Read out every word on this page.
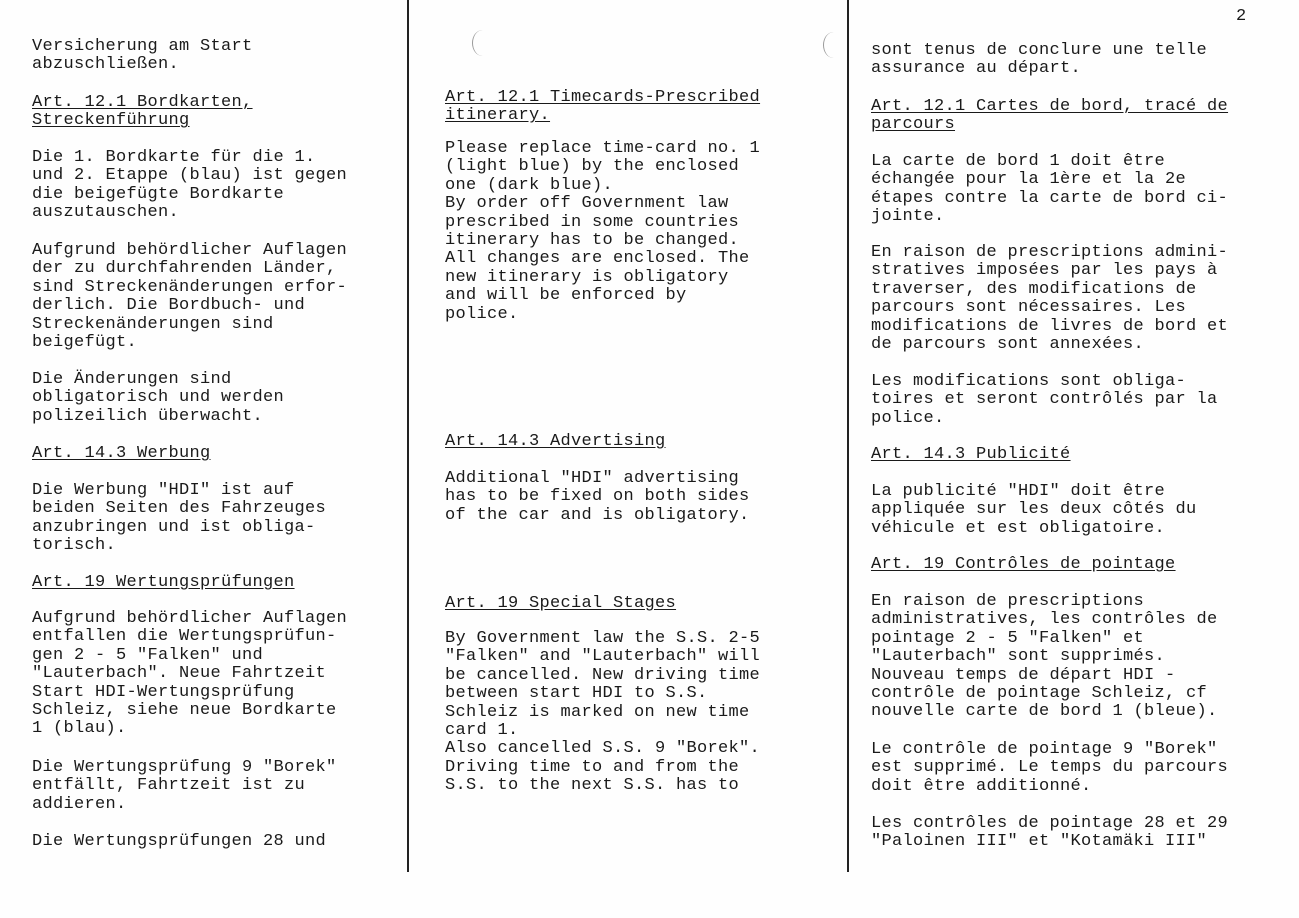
2
Versicherung am Start
abzuschließen.
Art. 12.1 Bordkarten,
Streckenführung
Die 1. Bordkarte für die 1.
und 2. Etappe (blau) ist gegen
die beigefügte Bordkarte
auszutauschen.
Aufgrund behördlicher Auflagen
der zu durchfahrenden Länder,
sind Streckenänderungen erfor-
derlich. Die Bordbuch- und
Streckenänderungen sind
beigefügt.
Die Änderungen sind
obligatorisch und werden
polizeilich überwacht.
Art. 14.3 Werbung
Die Werbung "HDI" ist auf
beiden Seiten des Fahrzeuges
anzubringen und ist obliga-
torisch.
Art. 19 Wertungsprüfungen
Aufgrund behördlicher Auflagen
entfallen die Wertungsprüfun-
gen 2 - 5 "Falken" und
"Lauterbach". Neue Fahrtzeit
Start HDI-Wertungsprüfung
Schleiz, siehe neue Bordkarte
1 (blau).
Die Wertungsprüfung 9 "Borek"
entfällt, Fahrtzeit ist zu
addieren.
Die Wertungsprüfungen 28 und
Art. 12.1 Timecards-Prescribed
itinerary.
Please replace time-card no. 1
(light blue) by the enclosed
one (dark blue).
By order off Government law
prescribed in some countries
itinerary has to be changed.
All changes are enclosed. The
new itinerary is obligatory
and will be enforced by
police.
Art. 14.3 Advertising
Additional "HDI" advertising
has to be fixed on both sides
of the car and is obligatory.
Art. 19 Special Stages
By Government law the S.S. 2-5
"Falken" and "Lauterbach" will
be cancelled. New driving time
between start HDI to S.S.
Schleiz is marked on new time
card 1.
Also cancelled S.S. 9 "Borek".
Driving time to and from the
S.S. to the next S.S. has to
sont tenus de conclure une telle
assurance au départ.
Art. 12.1 Cartes de bord, tracé de
parcours
La carte de bord 1 doit être
échangée pour la 1ère et la 2e
étapes contre la carte de bord ci-
jointe.
En raison de prescriptions admini-
stratives imposées par les pays à
traverser, des modifications de
parcours sont nécessaires. Les
modifications de livres de bord et
de parcours sont annexées.
Les modifications sont obliga-
toires et seront contrôlés par la
police.
Art. 14.3 Publicité
La publicité "HDI" doit être
appliquée sur les deux côtés du
véhicule et est obligatoire.
Art. 19 Contrôles de pointage
En raison de prescriptions
administratives, les contrôles de
pointage 2 - 5 "Falken" et
"Lauterbach" sont supprimés.
Nouveau temps de départ HDI -
contrôle de pointage Schleiz, cf
nouvelle carte de bord 1 (bleue).
Le contrôle de pointage 9 "Borek"
est supprimé. Le temps du parcours
doit être additionné.
Les contrôles de pointage 28 et 29
"Paloinen III" et "Kotamäki III"
